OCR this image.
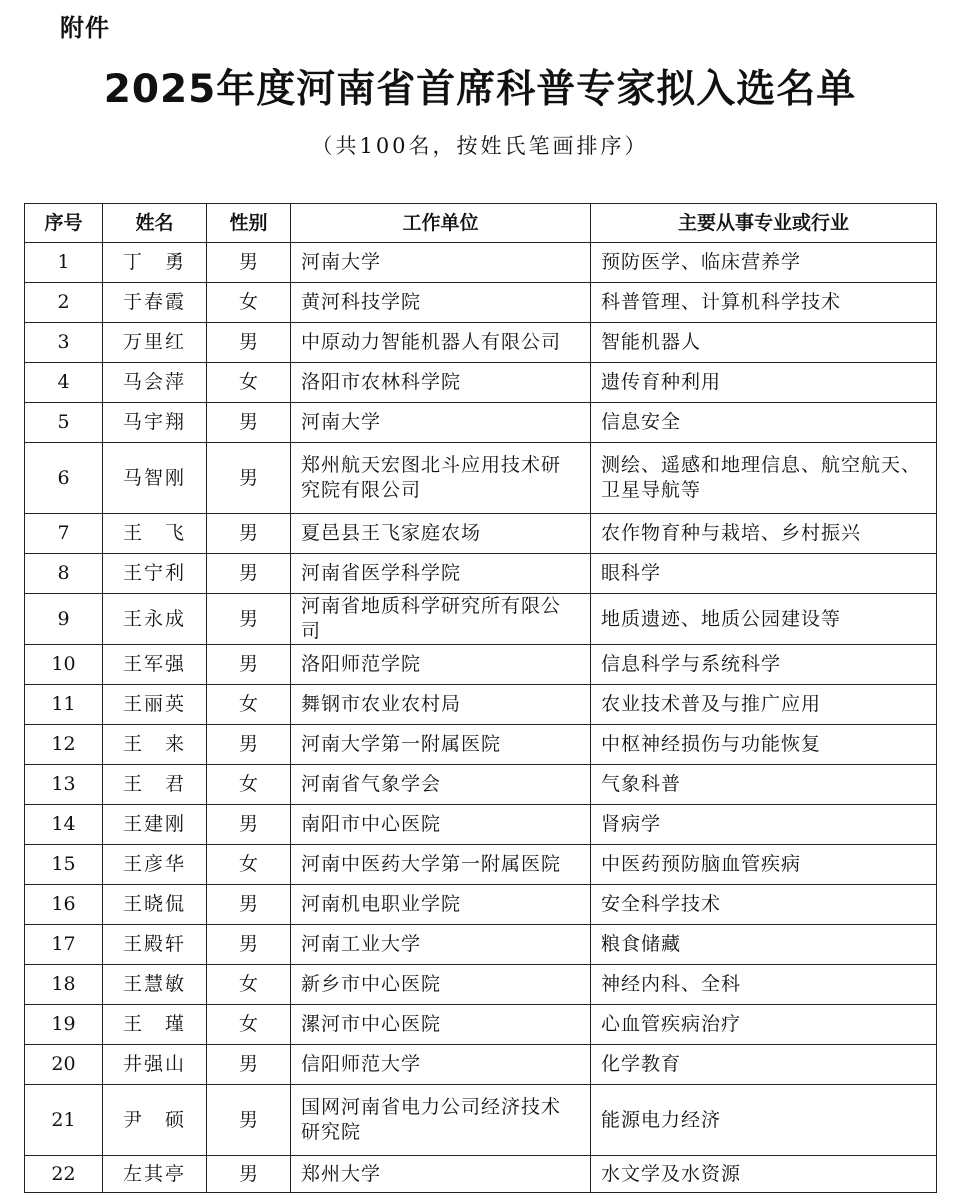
附件
2025年度河南省首席科普专家拟入选名单
（共100名，按姓氏笔画排序）
序号	姓名	性别	工作单位	主要从事专业或行业
1	丁　勇	男	河南大学	预防医学、临床营养学
2	于春霞	女	黄河科技学院	科普管理、计算机科学技术
3	万里红	男	中原动力智能机器人有限公司	智能机器人
4	马会萍	女	洛阳市农林科学院	遗传育种利用
5	马宇翔	男	河南大学	信息安全
6	马智刚	男	郑州航天宏图北斗应用技术研究院有限公司	测绘、遥感和地理信息、航空航天、卫星导航等
7	王　飞	男	夏邑县王飞家庭农场	农作物育种与栽培、乡村振兴
8	王宁利	男	河南省医学科学院	眼科学
9	王永成	男	河南省地质科学研究所有限公司	地质遗迹、地质公园建设等
10	王军强	男	洛阳师范学院	信息科学与系统科学
11	王丽英	女	舞钢市农业农村局	农业技术普及与推广应用
12	王　来	男	河南大学第一附属医院	中枢神经损伤与功能恢复
13	王　君	女	河南省气象学会	气象科普
14	王建刚	男	南阳市中心医院	肾病学
15	王彦华	女	河南中医药大学第一附属医院	中医药预防脑血管疾病
16	王晓侃	男	河南机电职业学院	安全科学技术
17	王殿轩	男	河南工业大学	粮食储藏
18	王慧敏	女	新乡市中心医院	神经内科、全科
19	王　瑾	女	漯河市中心医院	心血管疾病治疗
20	井强山	男	信阳师范大学	化学教育
21	尹　硕	男	国网河南省电力公司经济技术研究院	能源电力经济
22	左其亭	男	郑州大学	水文学及水资源
